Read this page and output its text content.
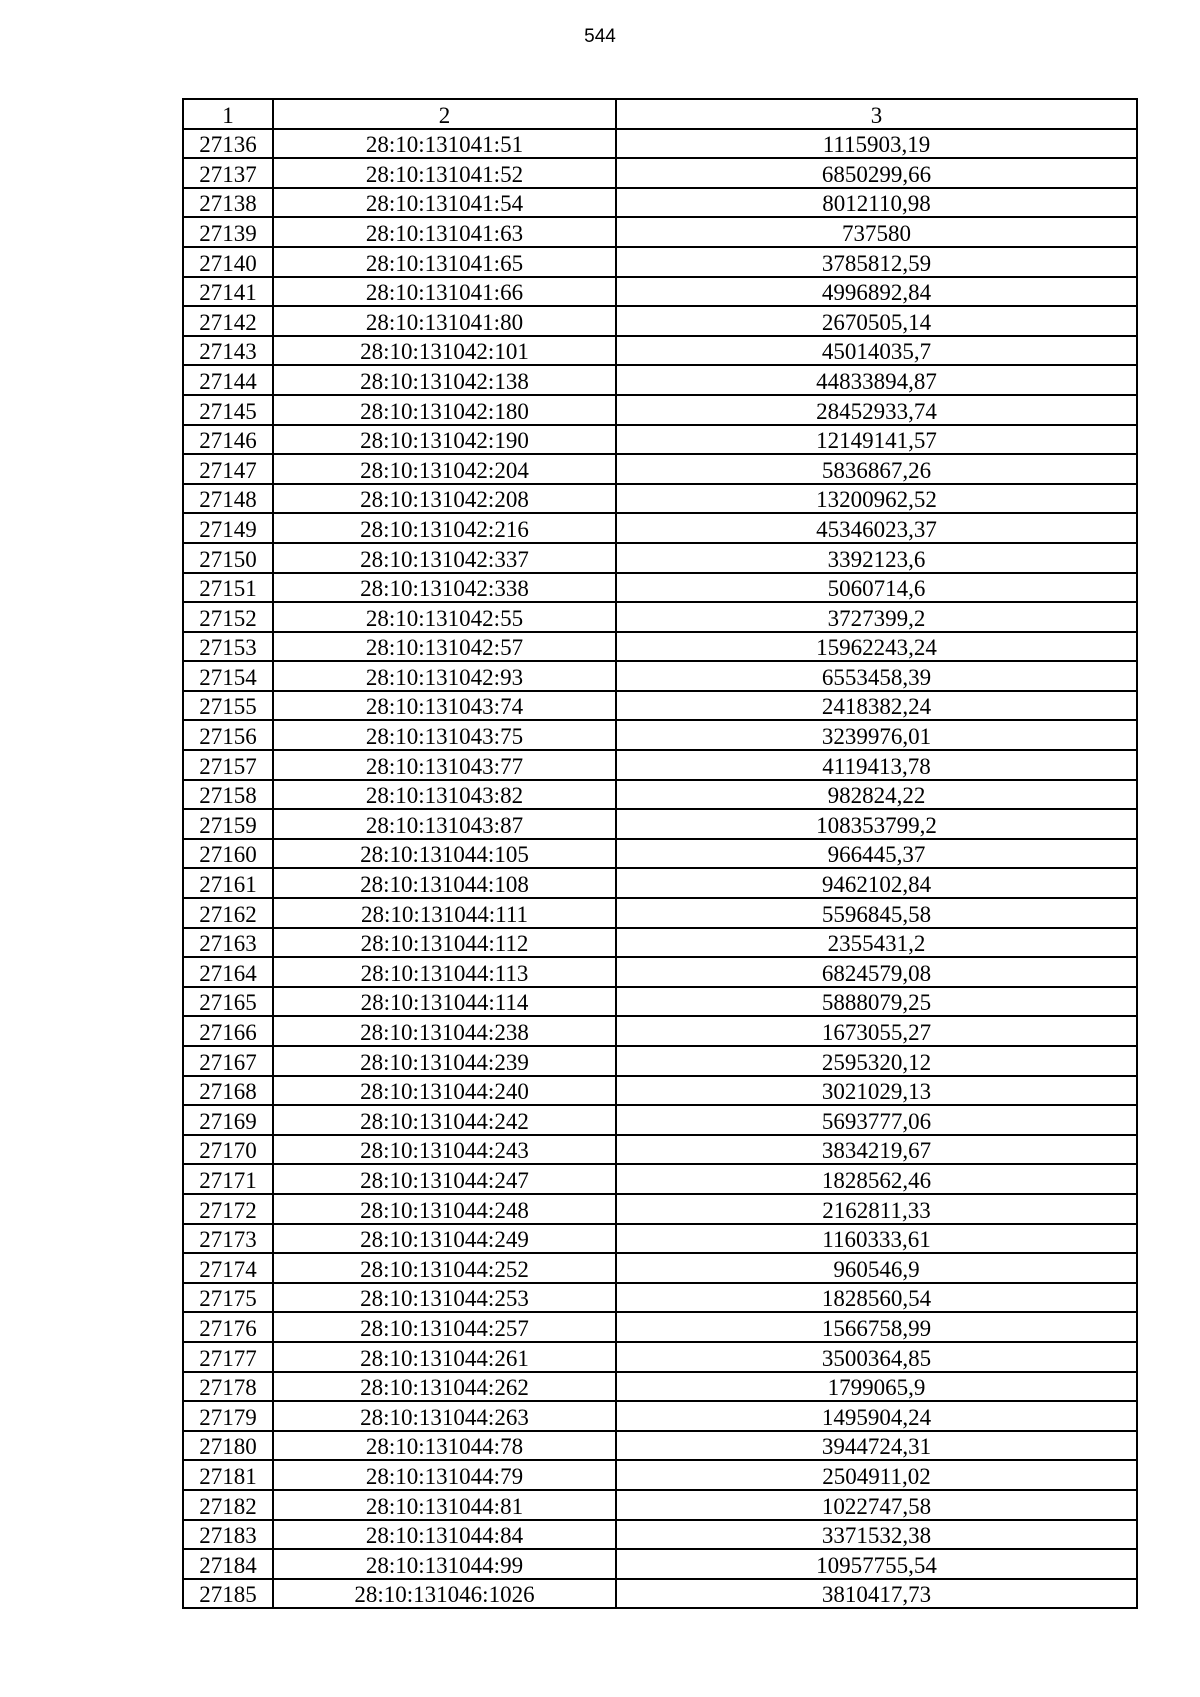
544
1	2	3
27136	28:10:131041:51	1115903,19
27137	28:10:131041:52	6850299,66
27138	28:10:131041:54	8012110,98
27139	28:10:131041:63	737580
27140	28:10:131041:65	3785812,59
27141	28:10:131041:66	4996892,84
27142	28:10:131041:80	2670505,14
27143	28:10:131042:101	45014035,7
27144	28:10:131042:138	44833894,87
27145	28:10:131042:180	28452933,74
27146	28:10:131042:190	12149141,57
27147	28:10:131042:204	5836867,26
27148	28:10:131042:208	13200962,52
27149	28:10:131042:216	45346023,37
27150	28:10:131042:337	3392123,6
27151	28:10:131042:338	5060714,6
27152	28:10:131042:55	3727399,2
27153	28:10:131042:57	15962243,24
27154	28:10:131042:93	6553458,39
27155	28:10:131043:74	2418382,24
27156	28:10:131043:75	3239976,01
27157	28:10:131043:77	4119413,78
27158	28:10:131043:82	982824,22
27159	28:10:131043:87	108353799,2
27160	28:10:131044:105	966445,37
27161	28:10:131044:108	9462102,84
27162	28:10:131044:111	5596845,58
27163	28:10:131044:112	2355431,2
27164	28:10:131044:113	6824579,08
27165	28:10:131044:114	5888079,25
27166	28:10:131044:238	1673055,27
27167	28:10:131044:239	2595320,12
27168	28:10:131044:240	3021029,13
27169	28:10:131044:242	5693777,06
27170	28:10:131044:243	3834219,67
27171	28:10:131044:247	1828562,46
27172	28:10:131044:248	2162811,33
27173	28:10:131044:249	1160333,61
27174	28:10:131044:252	960546,9
27175	28:10:131044:253	1828560,54
27176	28:10:131044:257	1566758,99
27177	28:10:131044:261	3500364,85
27178	28:10:131044:262	1799065,9
27179	28:10:131044:263	1495904,24
27180	28:10:131044:78	3944724,31
27181	28:10:131044:79	2504911,02
27182	28:10:131044:81	1022747,58
27183	28:10:131044:84	3371532,38
27184	28:10:131044:99	10957755,54
27185	28:10:131046:1026	3810417,73
